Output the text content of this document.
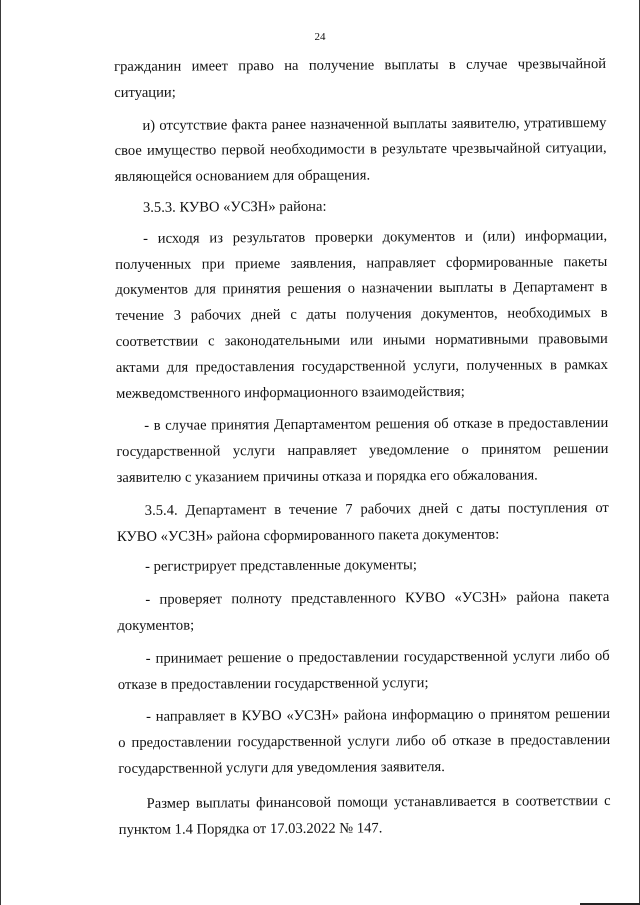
24

гражданин имеет право на получение выплаты в случае чрезвычайной ситуации;

и) отсутствие факта ранее назначенной выплаты заявителю, утратившему свое имущество первой необходимости в результате чрезвычайной ситуации, являющейся основанием для обращения.

3.5.3. КУВО «УСЗН» района:

- исходя из результатов проверки документов и (или) информации, полученных при приеме заявления, направляет сформированные пакеты документов для принятия решения о назначении выплаты в Департамент в течение 3 рабочих дней с даты получения документов, необходимых в соответствии с законодательными или иными нормативными правовыми актами для предоставления государственной услуги, полученных в рамках межведомственного информационного взаимодействия;

- в случае принятия Департаментом решения об отказе в предоставлении государственной услуги направляет уведомление о принятом решении заявителю с указанием причины отказа и порядка его обжалования.

3.5.4. Департамент в течение 7 рабочих дней с даты поступления от КУВО «УСЗН» района сформированного пакета документов:

- регистрирует представленные документы;

- проверяет полноту представленного КУВО «УСЗН» района пакета документов;

- принимает решение о предоставлении государственной услуги либо об отказе в предоставлении государственной услуги;

- направляет в КУВО «УСЗН» района информацию о принятом решении о предоставлении государственной услуги либо об отказе в предоставлении государственной услуги для уведомления заявителя.

Размер выплаты финансовой помощи устанавливается в соответствии с пунктом 1.4 Порядка от 17.03.2022 № 147.
